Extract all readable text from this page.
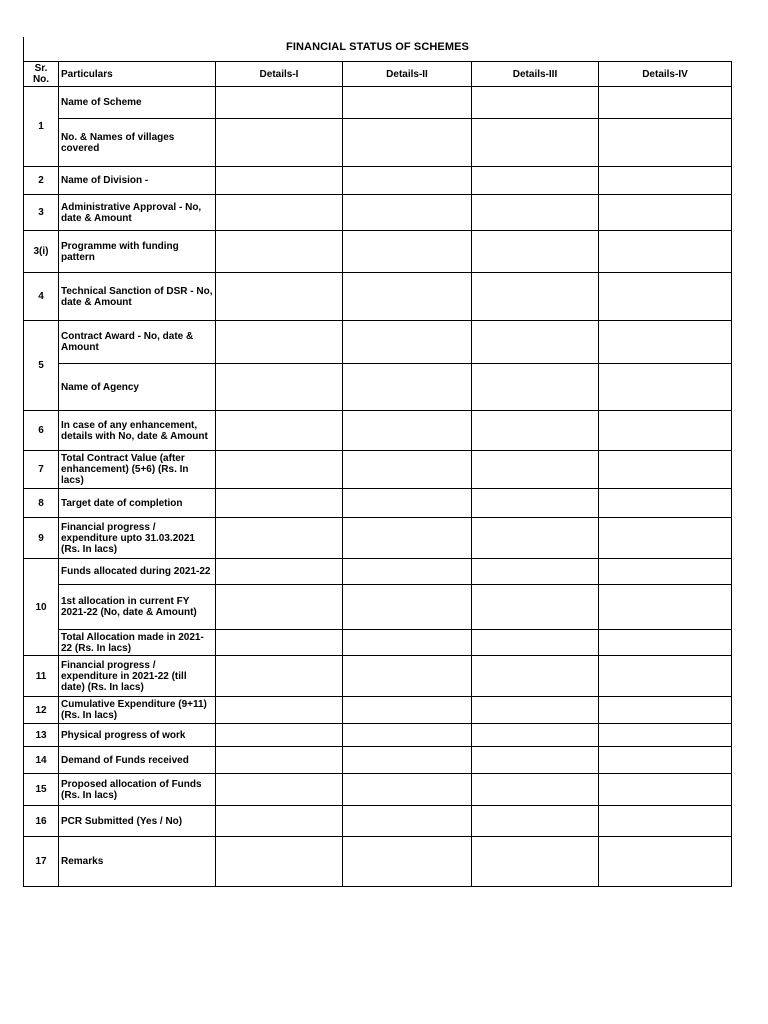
FINANCIAL STATUS OF SCHEMES
Sr. No.	Particulars	Details-I	Details-II	Details-III	Details-IV
1	Name of Scheme				
	No. & Names of villages covered				
2	Name of Division -				
3	Administrative Approval - No, date & Amount				
3(i)	Programme with funding pattern				
4	Technical Sanction of DSR - No, date & Amount				
5	Contract Award - No, date & Amount				
	Name of Agency				
6	In case of any enhancement, details with No, date & Amount				
7	Total Contract Value (after enhancement) (5+6) (Rs. In lacs)				
8	Target date of completion				
9	Financial progress / expenditure upto 31.03.2021 (Rs. In lacs)				
10	Funds allocated during 2021-22				
	1st allocation in current FY 2021-22 (No, date & Amount)				
	Total Allocation made in 2021-22 (Rs. In lacs)				
11	Financial progress / expenditure in 2021-22 (till date) (Rs. In lacs)				
12	Cumulative Expenditure (9+11) (Rs. In lacs)				
13	Physical progress of work				
14	Demand of Funds received				
15	Proposed allocation of Funds (Rs. In lacs)				
16	PCR Submitted (Yes / No)				
17	Remarks				
